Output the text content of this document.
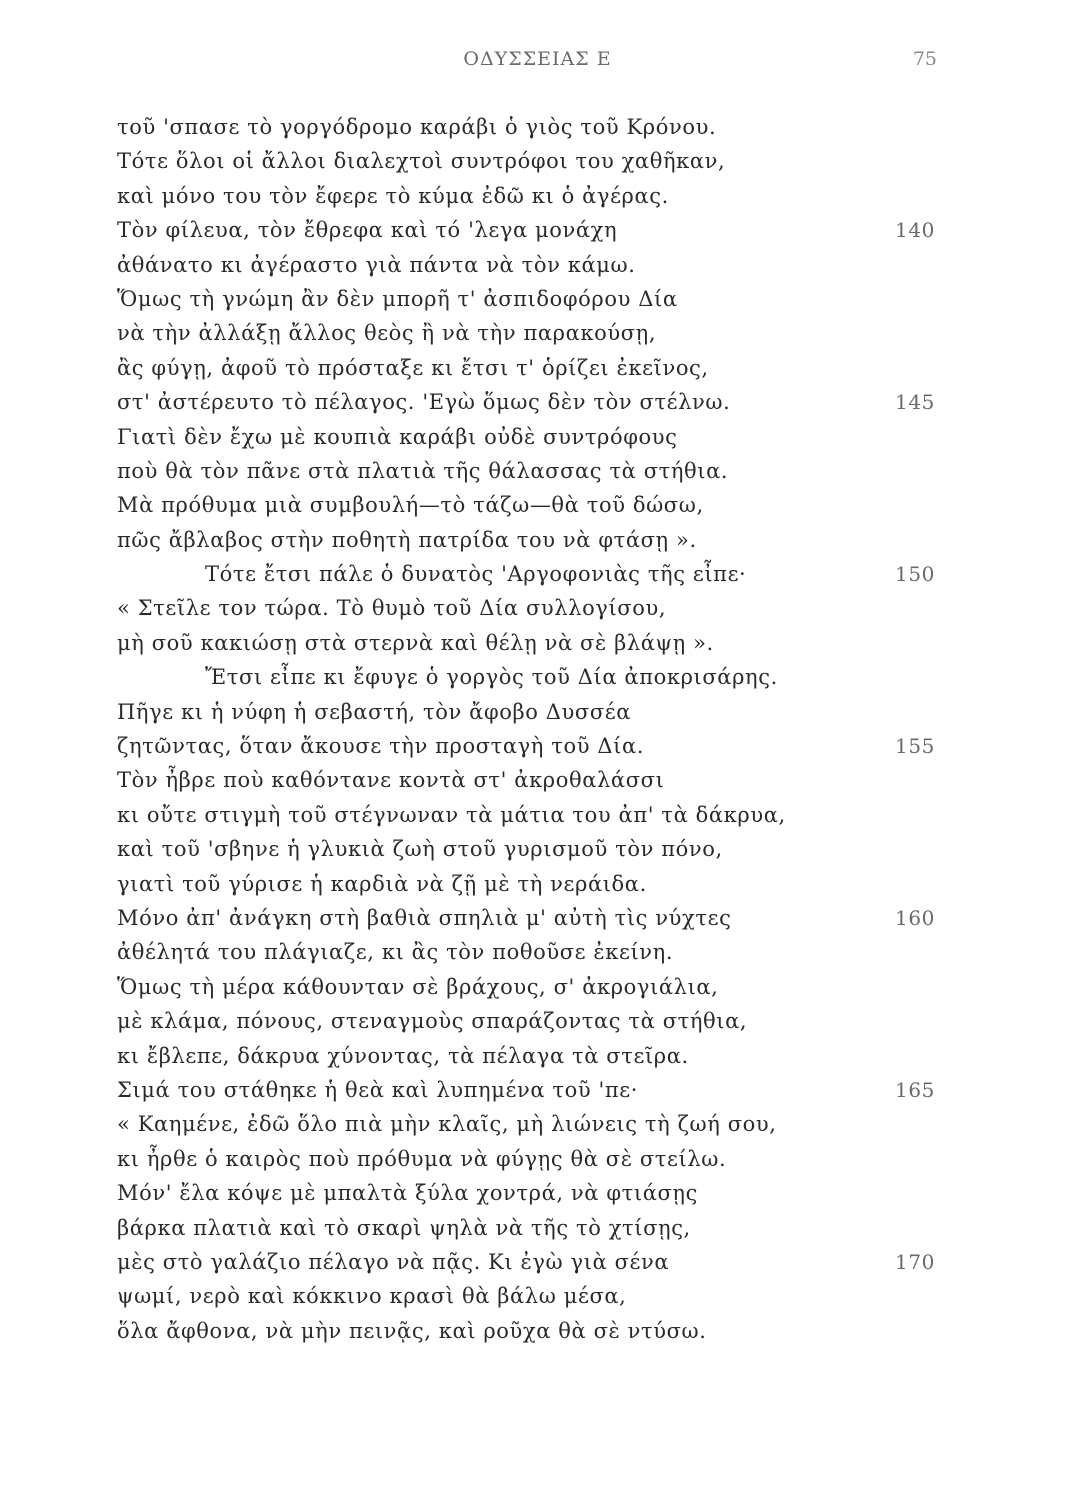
ΟΔΥΣΣΕΙΑΣ Ε	75
τοῦ 'σπασε τὸ γοργόδρομο καράβι ὁ γιὸς τοῦ Κρόνου.
Τότε ὅλοι οἱ ἄλλοι διαλεχτοὶ συντρόφοι του χαθῆκαν,
καὶ μόνο του τὸν ἔφερε τὸ κύμα ἐδῶ κι ὁ ἀγέρας.
Τὸν φίλευα, τὸν ἔθρεφα καὶ τό 'λεγα μονάχη	140
ἀθάνατο κι ἀγέραστο γιὰ πάντα νὰ τὸν κάμω.
Ὅμως τὴ γνώμη ἂν δὲν μπορῆ τ' ἀσπιδοφόρου Δία
νὰ τὴν ἀλλάξῃ ἄλλος θεὸς ἢ νὰ τὴν παρακούσῃ,
ἂς φύγῃ, ἀφοῦ τὸ πρόσταξε κι ἔτσι τ' ὁρίζει ἐκεῖνος,
στ' ἀστέρευτο τὸ πέλαγος. 'Εγὼ ὅμως δὲν τὸν στέλνω.	145
Γιατὶ δὲν ἔχω μὲ κουπιὰ καράβι οὐδὲ συντρόφους
ποὺ θὰ τὸν πᾶνε στὰ πλατιὰ τῆς θάλασσας τὰ στήθια.
Μὰ πρόθυμα μιὰ συμβουλή—τὸ τάζω—θὰ τοῦ δώσω,
πῶς ἄβλαβος στὴν ποθητὴ πατρίδα του νὰ φτάσῃ ».
Τότε ἔτσι πάλε ὁ δυνατὸς 'Αργοφονιὰς τῆς εἶπε·	150
« Στεῖλε τον τώρα. Τὸ θυμὸ τοῦ Δία συλλογίσου,
μὴ σοῦ κακιώσῃ στὰ στερνὰ καὶ θέλῃ νὰ σὲ βλάψῃ ».
Ἔτσι εἶπε κι ἔφυγε ὁ γοργὸς τοῦ Δία ἀποκρισάρης.
Πῆγε κι ἡ νύφη ἡ σεβαστή, τὸν ἄφοβο Δυσσέα
ζητῶντας, ὅταν ἄκουσε τὴν προσταγὴ τοῦ Δία.	155
Τὸν ἦβρε ποὺ καθόντανε κοντὰ στ' ἀκροθαλάσσι
κι οὔτε στιγμὴ τοῦ στέγνωναν τὰ μάτια του ἀπ' τὰ δάκρυα,
καὶ τοῦ 'σβηνε ἡ γλυκιὰ ζωὴ στοῦ γυρισμοῦ τὸν πόνο,
γιατὶ τοῦ γύρισε ἡ καρδιὰ νὰ ζῇ μὲ τὴ νεράιδα.
Μόνο ἀπ' ἀνάγκη στὴ βαθιὰ σπηλιὰ μ' αὐτὴ τὶς νύχτες	160
ἀθέλητά του πλάγιαζε, κι ἂς τὸν ποθοῦσε ἐκείνη.
Ὅμως τὴ μέρα κάθουνταν σὲ βράχους, σ' ἀκρογιάλια,
μὲ κλάμα, πόνους, στεναγμοὺς σπαράζοντας τὰ στήθια,
κι ἔβλεπε, δάκρυα χύνοντας, τὰ πέλαγα τὰ στεῖρα.
Σιμά του στάθηκε ἡ θεὰ καὶ λυπημένα τοῦ 'πε·	165
« Καημένε, ἐδῶ ὅλο πιὰ μὴν κλαῖς, μὴ λιώνεις τὴ ζωή σου,
κι ἦρθε ὁ καιρὸς ποὺ πρόθυμα νὰ φύγῃς θὰ σὲ στείλω.
Μόν' ἔλα κόψε μὲ μπαλτὰ ξύλα χοντρά, νὰ φτιάσῃς
βάρκα πλατιὰ καὶ τὸ σκαρὶ ψηλὰ νὰ τῆς τὸ χτίσῃς,
μὲς στὸ γαλάζιο πέλαγο νὰ πᾷς. Κι ἐγὼ γιὰ σένα	170
ψωμί, νερὸ καὶ κόκκινο κρασὶ θὰ βάλω μέσα,
ὅλα ἄφθονα, νὰ μὴν πεινᾷς, καὶ ροῦχα θὰ σὲ ντύσω.
